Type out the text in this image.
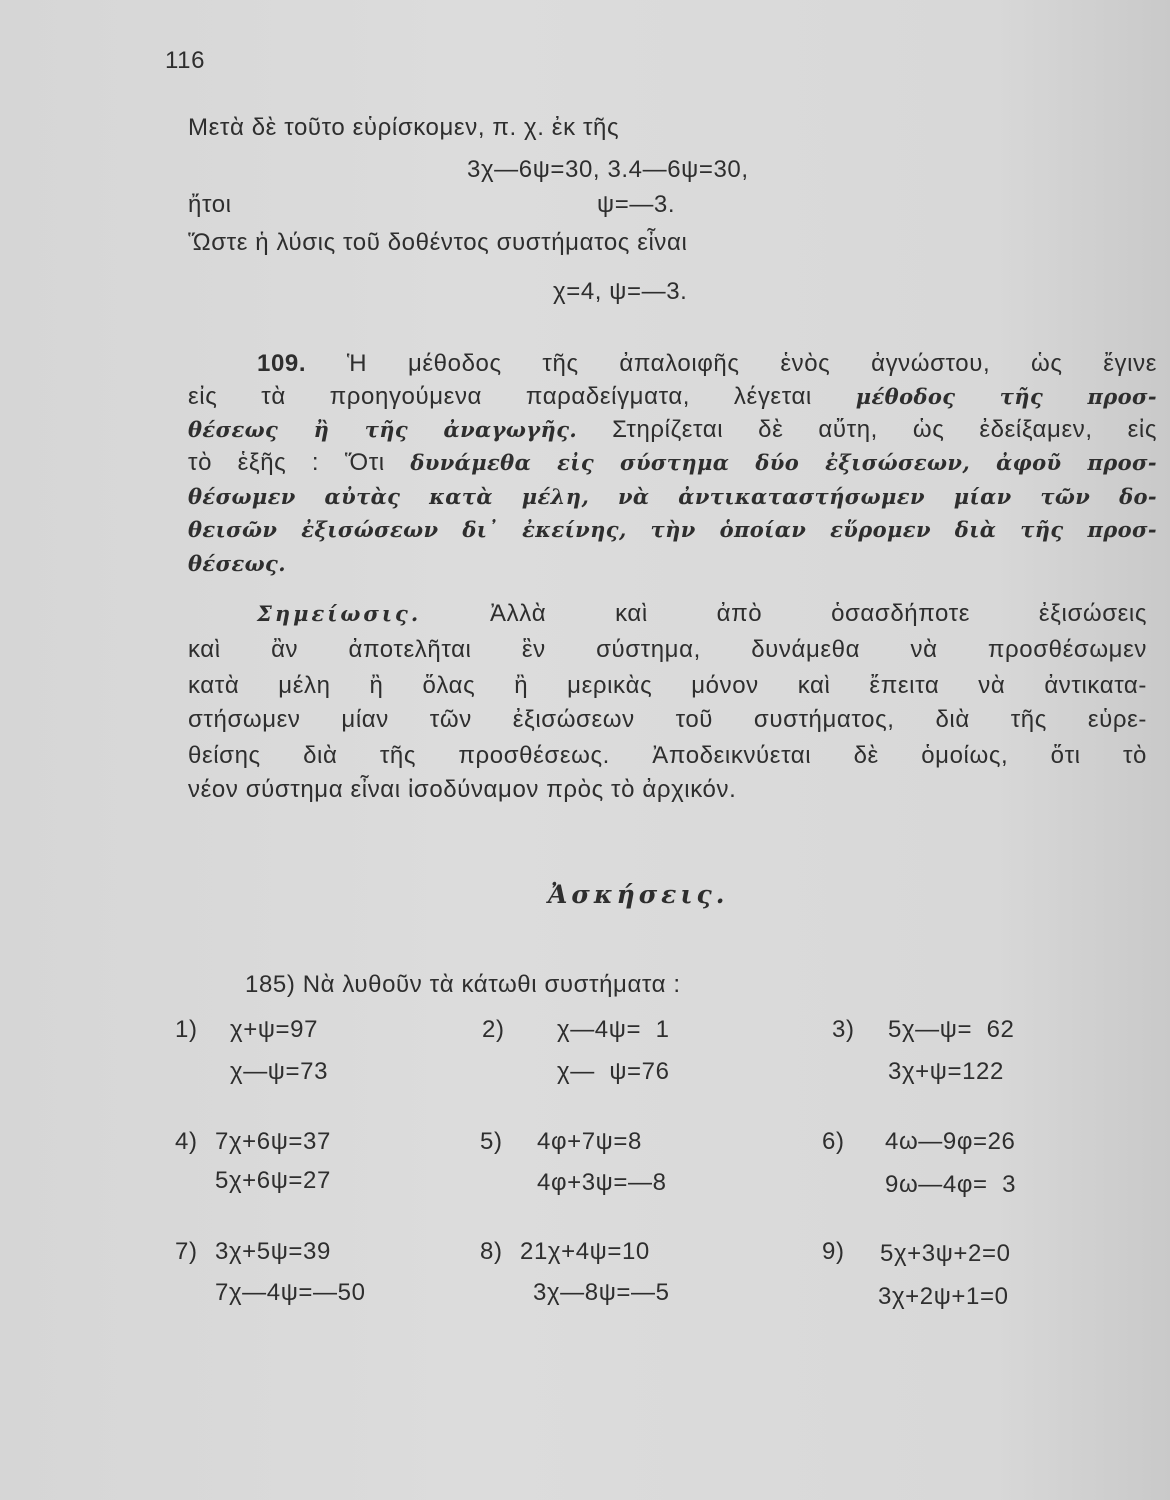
116
Μετὰ δὲ τοῦτο εὑρίσκομεν, π. χ. ἐκ τῆς
3χ—6ψ=30, 3.4—6ψ=30,
ἤτοι	ψ=—3.
Ὥστε ἡ λύσις τοῦ δοθέντος συστήματος εἶναι
χ=4, ψ=—3.
109. Ἡ μέθοδος τῆς ἀπαλοιφῆς ἑνὸς ἀγνώστου, ὡς ἔγινε
εἰς τὰ προηγούμενα παραδείγματα, λέγεται μέθοδος τῆς προσ-
θέσεως ἢ τῆς ἀναγωγῆς. Στηρίζεται δὲ αὔτη, ὡς ἐδείξαμεν, εἰς
τὸ ἑξῆς : Ὅτι δυνάμεθα εἰς σύστημα δύο ἐξισώσεων, ἀφοῦ προσ-
θέσωμεν αὐτὰς κατὰ μέλη, νὰ ἀντικαταστήσωμεν μίαν τῶν δο-
θεισῶν ἐξισώσεων δι᾽ ἐκείνης, τὴν ὁποίαν εὕρομεν διὰ τῆς προσ-
θέσεως.
Σημείωσις.	Ἀλλὰ καὶ ἀπὸ ὁσασδήποτε ἐξισώσεις
καὶ ἂν ἀποτελῆται ἓν σύστημα, δυνάμεθα νὰ προσθέσωμεν
κατὰ μέλη ἢ ὅλας ἢ μερικὰς μόνον καὶ ἔπειτα νὰ ἀντικατα-
στήσωμεν μίαν τῶν ἐξισώσεων τοῦ συστήματος, διὰ τῆς εὑρε-
θείσης διὰ τῆς προσθέσεως. Ἀποδεικνύεται δὲ ὁμοίως, ὅτι τὸ
νέον σύστημα εἶναι ἰσοδύναμον πρὸς τὸ ἀρχικόν.
Ἀσκήσεις.
185) Νὰ λυθοῦν τὰ κάτωθι συστήματα :
1) χ+ψ=97
χ—ψ=73
2) χ—4ψ=  1
χ—  ψ=76
3) 5χ—ψ=  62
3χ+ψ=122
4) 7χ+6ψ=37
5χ+6ψ=27
5) 4φ+7ψ=8
4φ+3ψ=—8
6) 4ω—9φ=26
9ω—4φ=  3
7) 3χ+5ψ=39
7χ—4ψ=—50
8) 21χ+4ψ=10
3χ—8ψ=—5
9) 5χ+3ψ+2=0
3χ+2ψ+1=0
